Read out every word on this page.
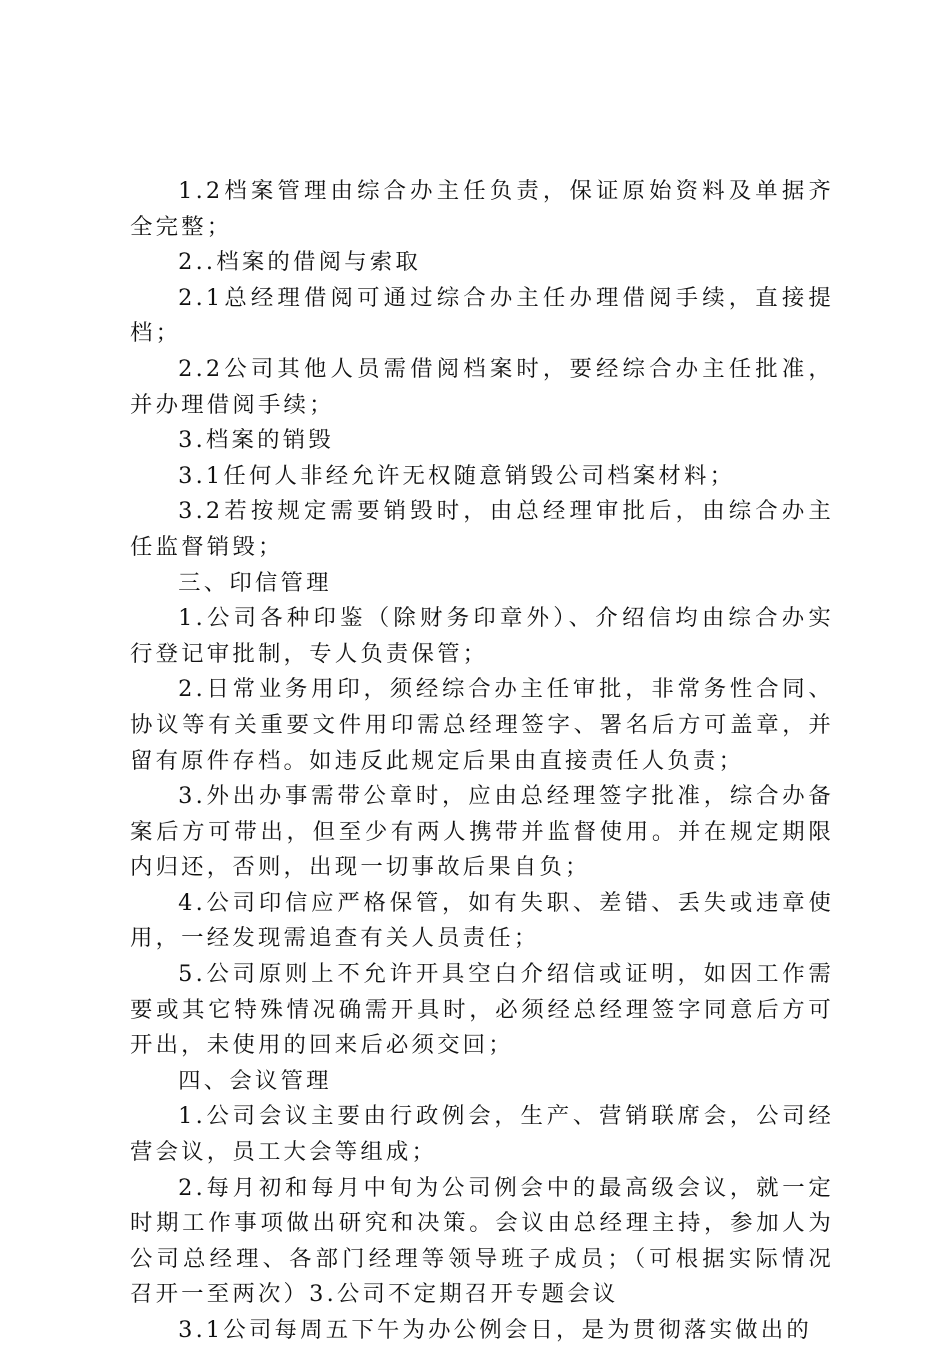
1.2档案管理由综合办主任负责，保证原始资料及单据齐全完整；

2..档案的借阅与索取

2.1总经理借阅可通过综合办主任办理借阅手续，直接提档；

2.2公司其他人员需借阅档案时，要经综合办主任批准，并办理借阅手续；

3.档案的销毁

3.1任何人非经允许无权随意销毁公司档案材料；

3.2若按规定需要销毁时，由总经理审批后，由综合办主任监督销毁；

三、印信管理

1.公司各种印鉴（除财务印章外）、介绍信均由综合办实行登记审批制，专人负责保管；

2.日常业务用印，须经综合办主任审批，非常务性合同、协议等有关重要文件用印需总经理签字、署名后方可盖章，并留有原件存档。如违反此规定后果由直接责任人负责；

3.外出办事需带公章时，应由总经理签字批准，综合办备案后方可带出，但至少有两人携带并监督使用。并在规定期限内归还，否则，出现一切事故后果自负；

4.公司印信应严格保管，如有失职、差错、丢失或违章使用，一经发现需追查有关人员责任；

5.公司原则上不允许开具空白介绍信或证明，如因工作需要或其它特殊情况确需开具时，必须经总经理签字同意后方可开出，未使用的回来后必须交回；

四、会议管理

1.公司会议主要由行政例会，生产、营销联席会，公司经营会议，员工大会等组成；

2.每月初和每月中旬为公司例会中的最高级会议，就一定时期工作事项做出研究和决策。会议由总经理主持，参加人为公司总经理、各部门经理等领导班子成员；（可根据实际情况召开一至两次）3.公司不定期召开专题会议

3.1公司每周五下午为办公例会日，是为贯彻落实做出的
